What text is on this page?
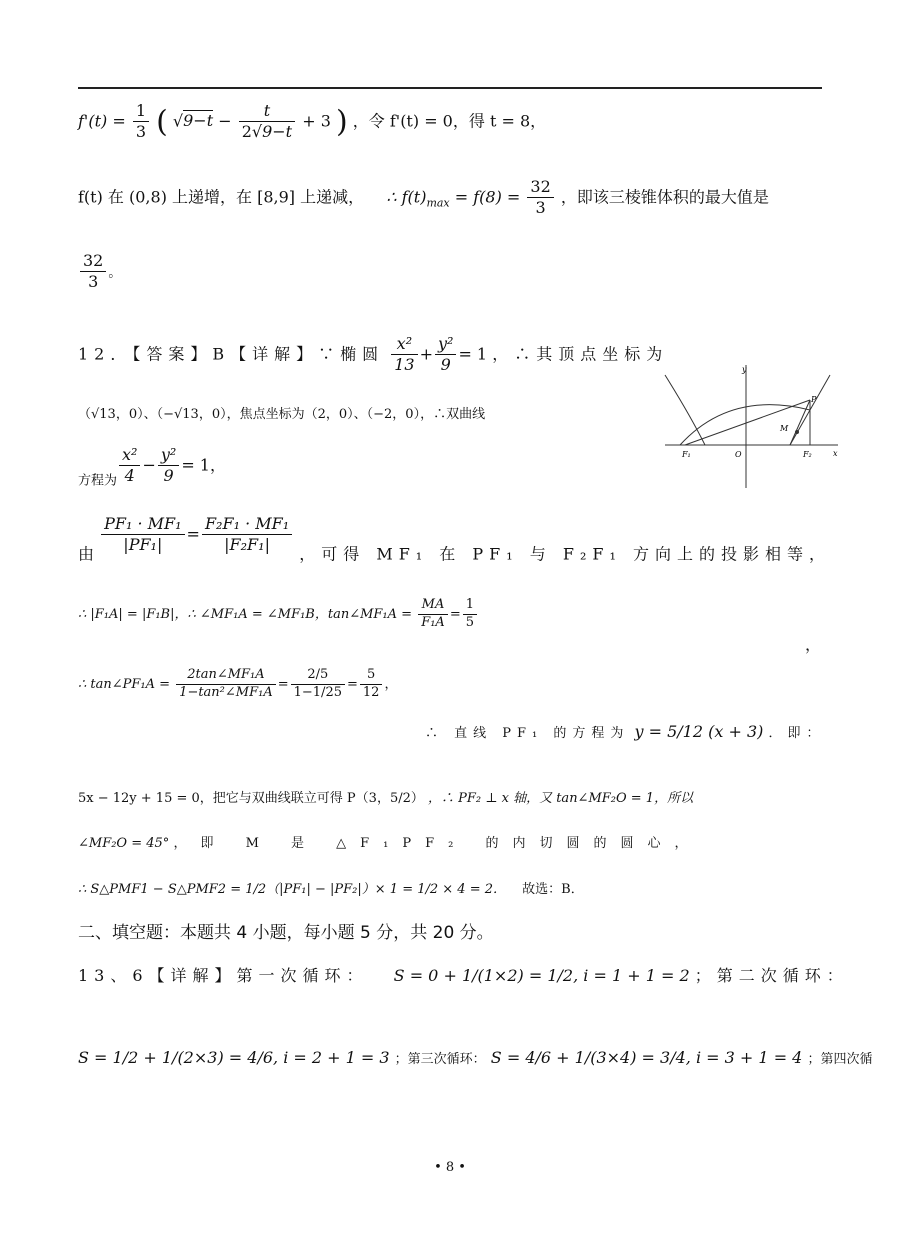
$f'(t) = \frac{1}{3}$ ( $√9-t - \frac{t}{2√9-t} + 3$ ) ，令 f'(t) = 0，得 t = 8，
f(t) 在 (0,8) 上递增，在 [8,9] 上递减， ∴ $f(t)_{max} = f(8) = \frac{32}{3}$ ，即该三棱锥体积的最大值是
$\frac{32}{3}$ 。
12．【答案】B【详解】∵椭圆 $\frac{\text{x²}}{13} + \frac{\text{y²}}{9} = 1$ ，∴其顶点坐标为
（√13，0）、（−√13，0），焦点坐标为（2，0）、（−2，0），∴双曲线
$_{方程为} \frac{\text{x²}}{4} - \frac{\text{y²}}{9} = 1$，
y
x
P
M
F₁	O	F₂
由 $\frac{\text{PF₁ · MF₁}}{\text{|PF₁|}} = \frac{\text{F₂F₁ · MF₁}}{\text{|F₂F₁|}}$ ，可得 MF₁ 在 PF₁ 与 F₂F₁ 方向上的投影相等，
∴ |F₁A| = |F₁B|，∴ ∠MF₁A = ∠MF₁B，tan∠MF₁A = $\frac{MA}{\text{F₁A}} = \frac{1}{5}$
，
∴ tan∠PF₁A = $\frac{\text{2tan∠MF₁A}}{\text{1−tan²∠MF₁A}} = \frac{2/5}{1-1/25} = \frac{5}{12}$ ，
∴ 直线 PF₁ 的方程为 y = 5/12 (x + 3) ．即：
5x − 12y + 15 = 0，把它与双曲线联立可得 P（3，5/2） ，∴ PF₂ ⊥ x 轴，又 tan∠MF₂O = 1，所以
∠MF₂O = 45° ，即 M 是 △F₁PF₂ 的内切圆的圆心，
∴ S△PMF1 − S△PMF2 = 1/2（|PF₁| − |PF₂|）× 1 = 1/2 × 4 = 2． 故选：B．
二、填空题：本题共 4 小题，每小题 5 分，共 20 分。
13、6【详解】第一次循环： S = 0 + 1/(1×2) = 1/2, i = 1 + 1 = 2 ；第二次循环：
S = 1/2 + 1/(2×3) = 4/6, i = 2 + 1 = 3 ；第三次循环： S = 4/6 + 1/(3×4) = 3/4, i = 3 + 1 = 4 ；第四次循
• 8 •
